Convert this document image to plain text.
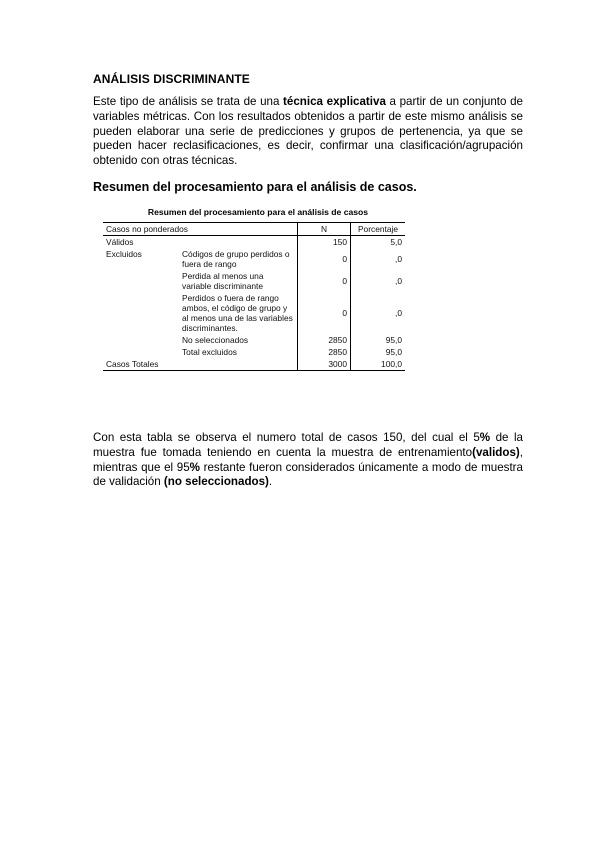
ANÁLISIS DISCRIMINANTE
Este tipo de análisis se trata de una técnica explicativa a partir de un conjunto de variables métricas. Con los resultados obtenidos a partir de este mismo análisis se pueden elaborar una serie de predicciones y grupos de pertenencia, ya que se pueden hacer reclasificaciones, es decir, confirmar una clasificación/agrupación obtenido con otras técnicas.
Resumen del procesamiento para el análisis de casos.
Resumen del procesamiento para el análisis de casos
Casos no ponderados		N	Porcentaje
Válidos		150	5,0
Excluidos	Códigos de grupo perdidos o fuera de rango	0	,0
	Perdida al menos una variable discriminante	0	,0
	Perdidos o fuera de rango ambos, el código de grupo y al menos una de las variables discriminantes.	0	,0
	No seleccionados	2850	95,0
	Total excluidos	2850	95,0
Casos Totales		3000	100,0
Con esta tabla se observa el numero total de casos 150, del cual el 5% de la muestra fue tomada teniendo en cuenta la muestra de entrenamiento(validos), mientras que el 95% restante fueron considerados únicamente a modo de muestra de validación (no seleccionados).
